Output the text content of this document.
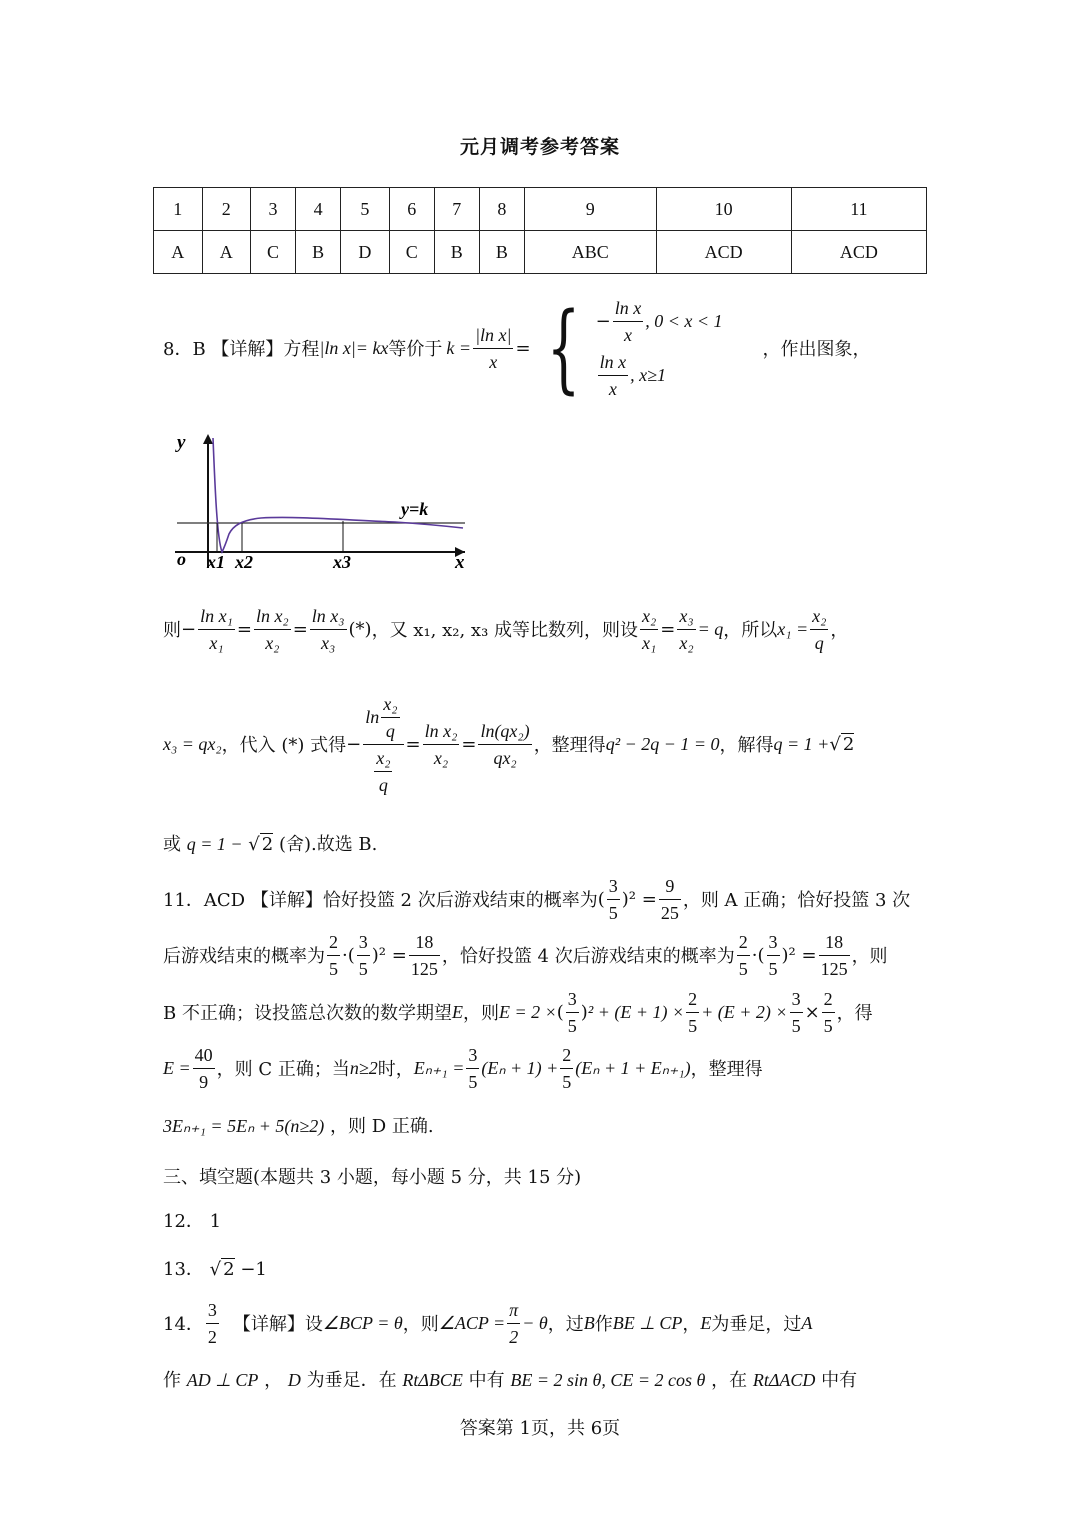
元月调考参考答案
1	2	3	4	5	6	7	8	9	10	11
A	A	C	B	D	C	B	B	ABC	ACD	ACD
8．B 【详解】方程 |ln x|= kx 等价于 $k = \frac{\text{|ln x|}}{x}$ = { − $\frac{\text{ln x}}{x}$ , 0 < x < 1
$\frac{\text{ln x}}{x}$ , x≥1
，作出图象，
y
o x1 x2	x3	x
y=k
则 − $\frac{\text{ln x₁}}{\text{x₁}} = \frac{\text{ln x₂}}{\text{x₂}} = \frac{\text{ln x₃}}{\text{x₃}}$ (*) ，又 x₁, x₂, x₃ 成等比数列，则设 $\frac{\text{x₂}}{\text{x₁}} = \frac{\text{x₃}}{\text{x₂}} = q$ ，所以 $x_1 = \frac{\text{x₂}}{q}$ ，
x₃ = qx₂ ，代入 (*) 式得 − $\frac{\ln \frac{\text{x₂}}{q}}{\frac{\text{x₂}}{q}} = \frac{\text{ln x₂}}{\text{x₂}} = \frac{\text{ln(qx₂)}}{\text{qx₂}}$ ，整理得 q² − 2q − 1 = 0 ，解得 q = 1 + √ 2
或 q = 1 − √ 2 (舍).故选 B.
11．ACD 【详解】恰好投篮 2 次后游戏结束的概率为 ( $\frac{3}{5}$ ) $^2 = \frac{9}{25}$ ，则 A 正确；恰好投篮 3 次
后游戏结束的概率为 $\frac{2}{5}$ · ( $\frac{3}{5}$ ) $^2 = \frac{18}{125}$ ，恰好投篮 4 次后游戏结束的概率为 $\frac{2}{5}$ · ( $\frac{3}{5}$ ) $^2 = \frac{18}{125}$ ，则
B 不正确；设投篮总次数的数学期望 E ，则 E = 2 × ( $\frac{3}{5}$ ) $^2 + (E + 1) \times \frac{2}{5} + (E + 2) \times \frac{3}{5} \times \frac{2}{5}$ ，得
$E = \frac{40}{9}$ ，则 C 正确；当 n≥2 时， $E_{n+1} = \frac{3}{5} (E_n + 1) + \frac{2}{5} (E_n + 1 + E_{n+1})$ ，整理得
3Eₙ₊₁ = 5Eₙ + 5(n≥2) ，则 D 正确.
三、填空题(本题共 3 小题，每小题 5 分，共 15 分)
12． 1
13． √ 2 −1
14． $\frac{3}{2}$ 【详解】设 ∠BCP = θ ，则 ∠ACP = $\frac{\pi}{2} - \theta$ ，过 B 作 BE ⊥ CP ， E 为垂足，过 A
作 AD ⊥ CP ， D 为垂足．在 RtΔBCE 中有 BE = 2 sin θ, CE = 2 cos θ ，在 RtΔACD 中有
答案第 1页，共 6页
